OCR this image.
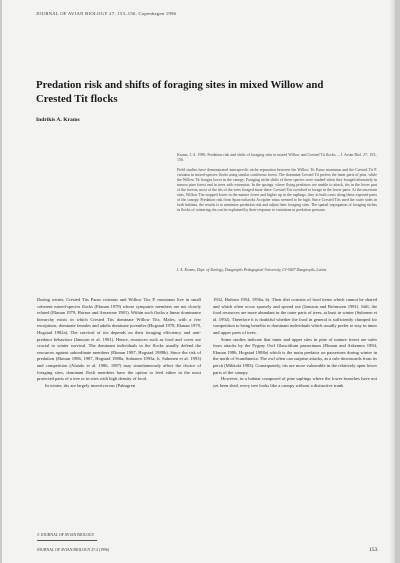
JOURNAL OF AVIAN BIOLOGY 27: 153–156. Copenhagen 1996
Predation risk and shifts of foraging sites in mixed Willow and
Crested Tit flocks
Indrikis A. Krams

Krams, I. A. 1996. Predation risk and shifts of foraging sites in mixed Willow and Crested Tit flocks. – J. Avian Biol. 27: 153–156.

Field studies have demonstrated interspecific niche separation between the Willow Tit Parus montanus and the Crested Tit P. cristatus in mixed-species flocks using similar coniferous forest. The dominant Crested Tit prefers the inner parts of pine, while the Willow Tit forages lower in the canopy. Foraging niche shifts of these species were studied when they foraged alternately in narrow pine forest and in trees with extension. In the springs, where flying predators are unable to attack, tits in the lower part of the forests, most of the tits of the trees foraged more there. Crested Tits switched to forage in the lower parts. At the uncertain sites, Willow Tits stopped lower in the mature forest and higher up in the saplings, they in both cases along these exposed parts of the canopy. Predation risk from Sparrowhawks Accipiter nisus seemed to be high; Since Crested Tits used the outer sides in both habitats, the results is to minimize predation risk and adjust their foraging sites. The spatial segregation of foraging niches in flocks of wintering tits can be explained by their response to variations in predation pressure.

I. A. Krams, Dept. of Zoology, Daugavpils Pedagogical University, LV-5407 Daugavpils, Latvia.

During winter, Crested Tits Parus cristatus and Willow Tits P. montanus live in small coherent mixed-species flocks (Ekman 1979) whose sympatric members are not closely related (Ekman 1979, Hornor and Anserone 1981). Within such flocks a linear dominance hierarchy exists in which Crested Tits dominate Willow Tits. Males, with a few exceptions, dominate females and adults dominate juveniles (Hogstad 1978, Ekman 1979, Hogstad 1982a). The survival of tits depends on their foraging efficiency and anti-predator behaviour (Jansson et al. 1981). Hence, resources such as food and cover are crucial to winter survival. The dominant individuals in the flocks usually defend the resources against subordinate members (Ekman 1987, Hogstad 1988b). Since the risk of predation (Ekman 1986, 1987, Hogstad 1988a, Suhonen 1993a, b, Suhonen et al. 1993) and competition (Alatalo et al. 1986, 1987) may simultaneously affect the choice of foraging sites, dominant flock members have the option to feed either in the most protected parts of a tree or in sites with high density of food.

In winter, tits are largely insectivorous (Palmgren

1932, Haftorn 1954, 1956a, b). Their diet consists of food items which cannot be shared and which often occur sparsely and spread out (Jansson and Brömssen 1981). Still, the food resources are more abundant in the outer parts of trees, at least in winter (Suhonen et al. 1992). Therefore it is doubtful whether the food in general is sufficiently clumped for competition to bring benefits to dominant individuals which usually prefer to stay in inner and upper parts of trees.

Some studies indicate that inner and upper sites in pine of mature forest are safer from attacks by the Pygmy Owl Glaucidium passerinum (Ekman and Askenmo 1984, Ekman 1986, Hogstad 1988a) which is the main predator on passerines during winter in the north of Scandinavia. The owl often can surprise attacks, as a rule downwards from its perch (Mikkola 1983). Consequently, tits are more vulnerable in the relatively open lower parts of the canopy.

However, in a habitat composed of pine saplings where the lower branches have not yet been shed, every tree looks like a canopy without a distinctive trunk

© JOURNAL OF AVIAN BIOLOGY
JOURNAL OF AVIAN BIOLOGY 27:2 (1996)	153
